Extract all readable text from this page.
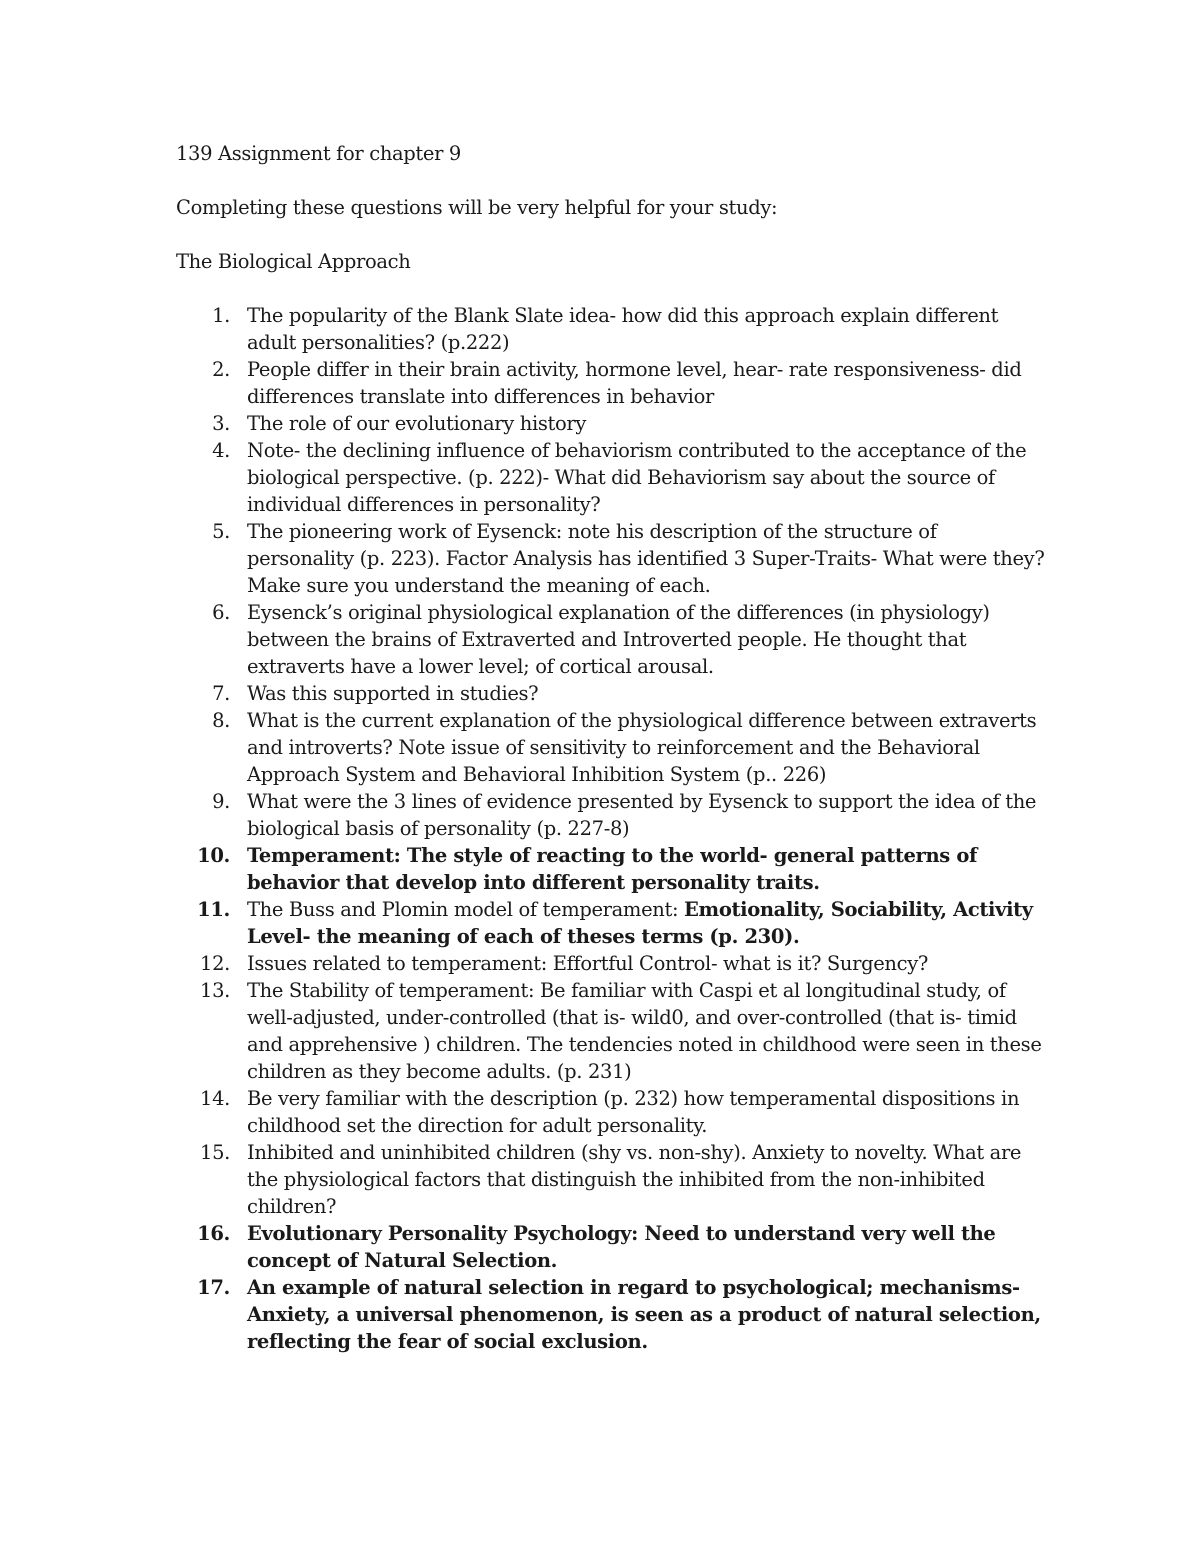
139 Assignment for chapter 9

Completing these questions will be very helpful for your study:

The Biological Approach

1. The popularity of the Blank Slate idea- how did this approach explain different adult personalities? (p.222)
2. People differ in their brain activity, hormone level, hear- rate responsiveness- did differences translate into differences in behavior
3. The role of our evolutionary history
4. Note- the declining influence of behaviorism contributed to the acceptance of the biological perspective. (p. 222)- What did Behaviorism say about the source of individual differences in personality?
5. The pioneering work of Eysenck: note his description of the structure of personality (p. 223). Factor Analysis has identified 3 Super-Traits- What were they? Make sure you understand the meaning of each.
6. Eysenck’s original physiological explanation of the differences (in physiology) between the brains of Extraverted and Introverted people. He thought that extraverts have a lower level; of cortical arousal.
7. Was this supported in studies?
8. What is the current explanation of the physiological difference between extraverts and introverts? Note issue of sensitivity to reinforcement and the Behavioral Approach System and Behavioral Inhibition System (p.. 226)
9. What were the 3 lines of evidence presented by Eysenck to support the idea of the biological basis of personality (p. 227-8)
10. Temperament: The style of reacting to the world- general patterns of behavior that develop into different personality traits.
11. The Buss and Plomin model of temperament: Emotionality, Sociability, Activity Level- the meaning of each of theses terms (p. 230).
12. Issues related to temperament: Effortful Control- what is it? Surgency?
13. The Stability of temperament: Be familiar with Caspi et al longitudinal study, of well-adjusted, under-controlled (that is- wild0, and over-controlled (that is- timid and apprehensive ) children. The tendencies noted in childhood were seen in these children as they become adults. (p. 231)
14. Be very familiar with the description (p. 232) how temperamental dispositions in childhood set the direction for adult personality.
15. Inhibited and uninhibited children (shy vs. non-shy). Anxiety to novelty. What are the physiological factors that distinguish the inhibited from the non-inhibited children?
16. Evolutionary Personality Psychology: Need to understand very well the concept of Natural Selection.
17. An example of natural selection in regard to psychological; mechanisms- Anxiety, a universal phenomenon, is seen as a product of natural selection, reflecting the fear of social exclusion.
